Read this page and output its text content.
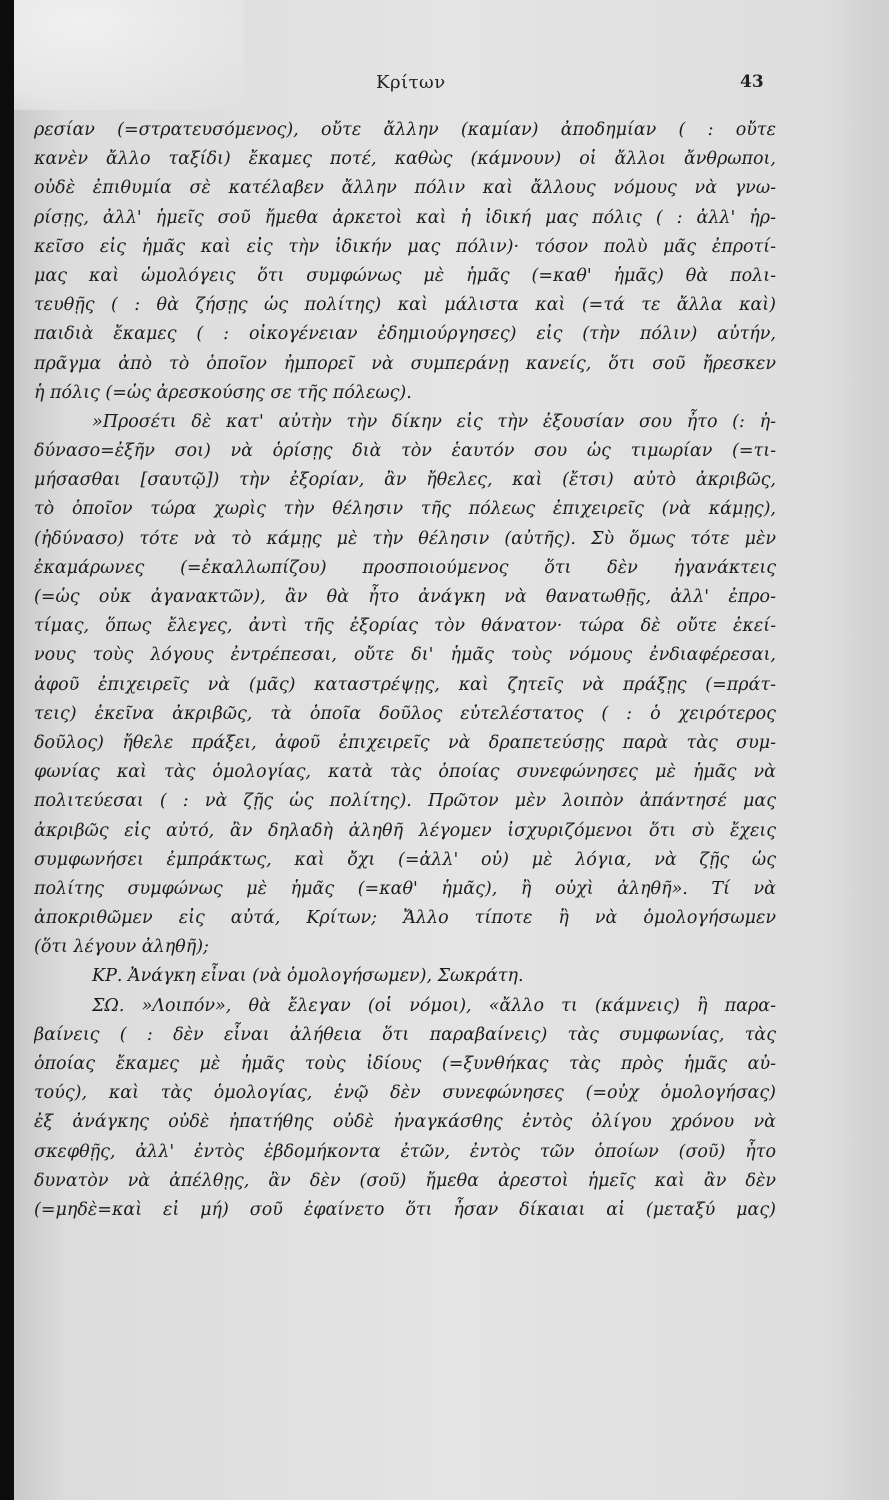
Κρίτων	43
ρεσίαν (=στρατευσόμενος), οὔτε ἄλλην (καμίαν) ἀποδημίαν ( : οὔτε
κανὲν ἄλλο ταξίδι) ἔκαμες ποτέ, καθὼς (κάμνουν) οἱ ἄλλοι ἄνθρωποι,
οὐδὲ ἐπιθυμία σὲ κατέλαβεν ἄλλην πόλιν καὶ ἄλλους νόμους νὰ γνω-
ρίσῃς, ἀλλ' ἡμεῖς σοῦ ἤμεθα ἀρκετοὶ καὶ ἡ ἰδική μας πόλις ( : ἀλλ' ἠρ-
κεῖσο εἰς ἡμᾶς καὶ εἰς τὴν ἰδικήν μας πόλιν)· τόσον πολὺ μᾶς ἐπροτί-
μας καὶ ὡμολόγεις ὅτι συμφώνως μὲ ἡμᾶς (=καθ' ἡμᾶς) θὰ πολι-
τευθῇς ( : θὰ ζήσῃς ὡς πολίτης) καὶ μάλιστα καὶ (=τά τε ἄλλα καὶ)
παιδιὰ ἔκαμες ( : οἰκογένειαν ἐδημιούργησες) εἰς (τὴν πόλιν) αὐτήν,
πρᾶγμα ἀπὸ τὸ ὁποῖον ἠμπορεῖ νὰ συμπεράνῃ κανείς, ὅτι σοῦ ἤρεσκεν
ἡ πόλις (=ὡς ἀρεσκούσης σε τῆς πόλεως).
»Προσέτι δὲ κατ' αὐτὴν τὴν δίκην εἰς τὴν ἐξουσίαν σου ἦτο (: ἠ-
δύνασο=ἐξῆν σοι) νὰ ὁρίσῃς διὰ τὸν ἑαυτόν σου ὡς τιμωρίαν (=τι-
μήσασθαι [σαυτῷ]) τὴν ἐξορίαν, ἂν ἤθελες, καὶ (ἔτσι) αὐτὸ ἀκριβῶς,
τὸ ὁποῖον τώρα χωρὶς τὴν θέλησιν τῆς πόλεως ἐπιχειρεῖς (νὰ κάμῃς),
(ἠδύνασο) τότε νὰ τὸ κάμῃς μὲ τὴν θέλησιν (αὐτῆς). Σὺ ὅμως τότε μὲν
ἐκαμάρωνες (=ἐκαλλωπίζου) προσποιούμενος ὅτι δὲν ἠγανάκτεις
(=ὡς οὐκ ἀγανακτῶν), ἂν θὰ ἦτο ἀνάγκη νὰ θανατωθῇς, ἀλλ' ἐπρο-
τίμας, ὅπως ἔλεγες, ἀντὶ τῆς ἐξορίας τὸν θάνατον· τώρα δὲ οὔτε ἐκεί-
νους τοὺς λόγους ἐντρέπεσαι, οὔτε δι' ἡμᾶς τοὺς νόμους ἐνδιαφέρεσαι,
ἀφοῦ ἐπιχειρεῖς νὰ (μᾶς) καταστρέψῃς, καὶ ζητεῖς νὰ πράξῃς (=πράτ-
τεις) ἐκεῖνα ἀκριβῶς, τὰ ὁποῖα δοῦλος εὐτελέστατος ( : ὁ χειρότερος
δοῦλος) ἤθελε πράξει, ἀφοῦ ἐπιχειρεῖς νὰ δραπετεύσῃς παρὰ τὰς συμ-
φωνίας καὶ τὰς ὁμολογίας, κατὰ τὰς ὁποίας συνεφώνησες μὲ ἡμᾶς νὰ
πολιτεύεσαι ( : νὰ ζῇς ὡς πολίτης). Πρῶτον μὲν λοιπὸν ἀπάντησέ μας
ἀκριβῶς εἰς αὐτό, ἂν δηλαδὴ ἀληθῆ λέγομεν ἰσχυριζόμενοι ὅτι σὺ ἔχεις
συμφωνήσει ἐμπράκτως, καὶ ὄχι (=ἀλλ' οὐ) μὲ λόγια, νὰ ζῇς ὡς
πολίτης συμφώνως μὲ ἡμᾶς (=καθ' ἡμᾶς), ἢ οὐχὶ ἀληθῆ». Τί νὰ
ἀποκριθῶμεν εἰς αὐτά, Κρίτων; Ἄλλο τίποτε ἢ νὰ ὁμολογήσωμεν
(ὅτι λέγουν ἀληθῆ);
ΚΡ. Ἀνάγκη εἶναι (νὰ ὁμολογήσωμεν), Σωκράτη.
ΣΩ. »Λοιπόν», θὰ ἔλεγαν (οἱ νόμοι), «ἄλλο τι (κάμνεις) ἢ παρα-
βαίνεις ( : δὲν εἶναι ἀλήθεια ὅτι παραβαίνεις) τὰς συμφωνίας, τὰς
ὁποίας ἔκαμες μὲ ἡμᾶς τοὺς ἰδίους (=ξυνθήκας τὰς πρὸς ἡμᾶς αὐ-
τούς), καὶ τὰς ὁμολογίας, ἐνῷ δὲν συνεφώνησες (=οὐχ ὁμολογήσας)
ἐξ ἀνάγκης οὐδὲ ἠπατήθης οὐδὲ ἠναγκάσθης ἐντὸς ὀλίγου χρόνου νὰ
σκεφθῇς, ἀλλ' ἐντὸς ἑβδομήκοντα ἐτῶν, ἐντὸς τῶν ὁποίων (σοῦ) ἦτο
δυνατὸν νὰ ἀπέλθῃς, ἂν δὲν (σοῦ) ἤμεθα ἀρεστοὶ ἡμεῖς καὶ ἂν δὲν
(=μηδὲ=καὶ εἰ μή) σοῦ ἐφαίνετο ὅτι ἦσαν δίκαιαι αἱ (μεταξύ μας)
